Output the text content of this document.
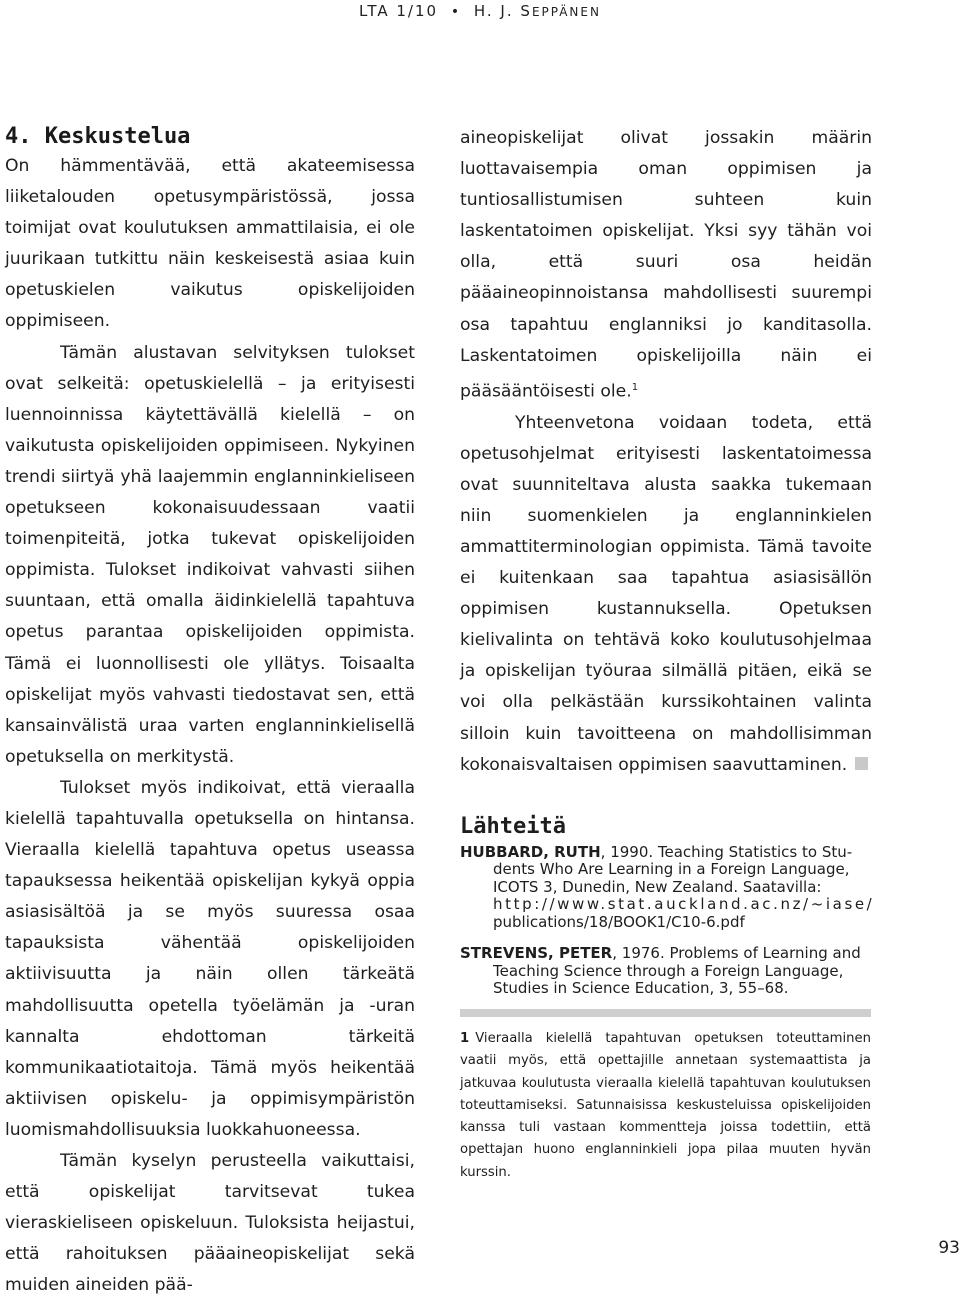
LTA 1/10 • H. J. SEPPÄNEN
4. Keskustelua

On hämmentävää, että akateemisessa liiketalouden opetusympäristössä, jossa toimijat ovat koulutuksen ammattilaisia, ei ole juurikaan tutkittu näin keskeisestä asiaa kuin opetuskielen vaikutus opiskelijoiden oppimiseen.

Tämän alustavan selvityksen tulokset ovat selkeitä: opetuskielellä – ja erityisesti luennoinnissa käytettävällä kielellä – on vaikutusta opiskelijoiden oppimiseen. Nykyinen trendi siirtyä yhä laajemmin englanninkieliseen opetukseen kokonaisuudessaan vaatii toimenpiteitä, jotka tukevat opiskelijoiden oppimista. Tulokset indikoivat vahvasti siihen suuntaan, että omalla äidinkielellä tapahtuva opetus parantaa opiskelijoiden oppimista. Tämä ei luonnollisesti ole yllätys. Toisaalta opiskelijat myös vahvasti tiedostavat sen, että kansainvälistä uraa varten englanninkielisellä opetuksella on merkitystä.

Tulokset myös indikoivat, että vieraalla kielellä tapahtuvalla opetuksella on hintansa. Vieraalla kielellä tapahtuva opetus useassa tapauksessa heikentää opiskelijan kykyä oppia asiasisältöä ja se myös suuressa osaa tapauksista vähentää opiskelijoiden aktiivisuutta ja näin ollen tärkeätä mahdollisuutta opetella työelämän ja -uran kannalta ehdottoman tärkeitä kommunikaatiotaitoja. Tämä myös heikentää aktiivisen opiskelu- ja oppimisympäristön luomismahdollisuuksia luokkahuoneessa.

Tämän kyselyn perusteella vaikuttaisi, että opiskelijat tarvitsevat tukea vieraskieliseen opiskeluun. Tuloksista heijastui, että rahoituksen pääaineopiskelijat sekä muiden aineiden pää-

aineopiskelijat olivat jossakin määrin luottavaisempia oman oppimisen ja tuntiosallistumisen suhteen kuin laskentatoimen opiskelijat. Yksi syy tähän voi olla, että suuri osa heidän pääaineopinnoistansa mahdollisesti suurempi osa tapahtuu englanniksi jo kanditasolla. Laskentatoimen opiskelijoilla näin ei pääsääntöisesti ole.$^1$

Yhteenvetona voidaan todeta, että opetusohjelmat erityisesti laskentatoimessa ovat suunniteltava alusta saakka tukemaan niin suomenkielen ja englanninkielen ammattiterminologian oppimista. Tämä tavoite ei kuitenkaan saa tapahtua asiasisällön oppimisen kustannuksella. Opetuksen kielivalinta on tehtävä koko koulutusohjelmaa ja opiskelijan työuraa silmällä pitäen, eikä se voi olla pelkästään kurssikohtainen valinta silloin kuin tavoitteena on mahdollisimman kokonaisvaltaisen oppimisen saavuttaminen.

Lähteitä
HUBBARD, RUTH, 1990. Teaching Statistics to Stu-
dents Who Are Learning in a Foreign Language,
ICOTS 3, Dunedin, New Zealand. Saatavilla:
http://www.stat.auckland.ac.nz/~iase/
publications/18/BOOK1/C10-6.pdf
STREVENS, PETER, 1976. Problems of Learning and
Teaching Science through a Foreign Language,
Studies in Science Education, 3, 55–68.

1 Vieraalla kielellä tapahtuvan opetuksen toteuttaminen vaatii myös, että opettajille annetaan systemaattista ja jatkuvaa koulutusta vieraalla kielellä tapahtuvan koulutuksen toteuttamiseksi. Satunnaisissa keskusteluissa opiskelijoiden kanssa tuli vastaan kommentteja joissa todettiin, että opettajan huono englanninkieli jopa pilaa muuten hyvän kurssin.

93
